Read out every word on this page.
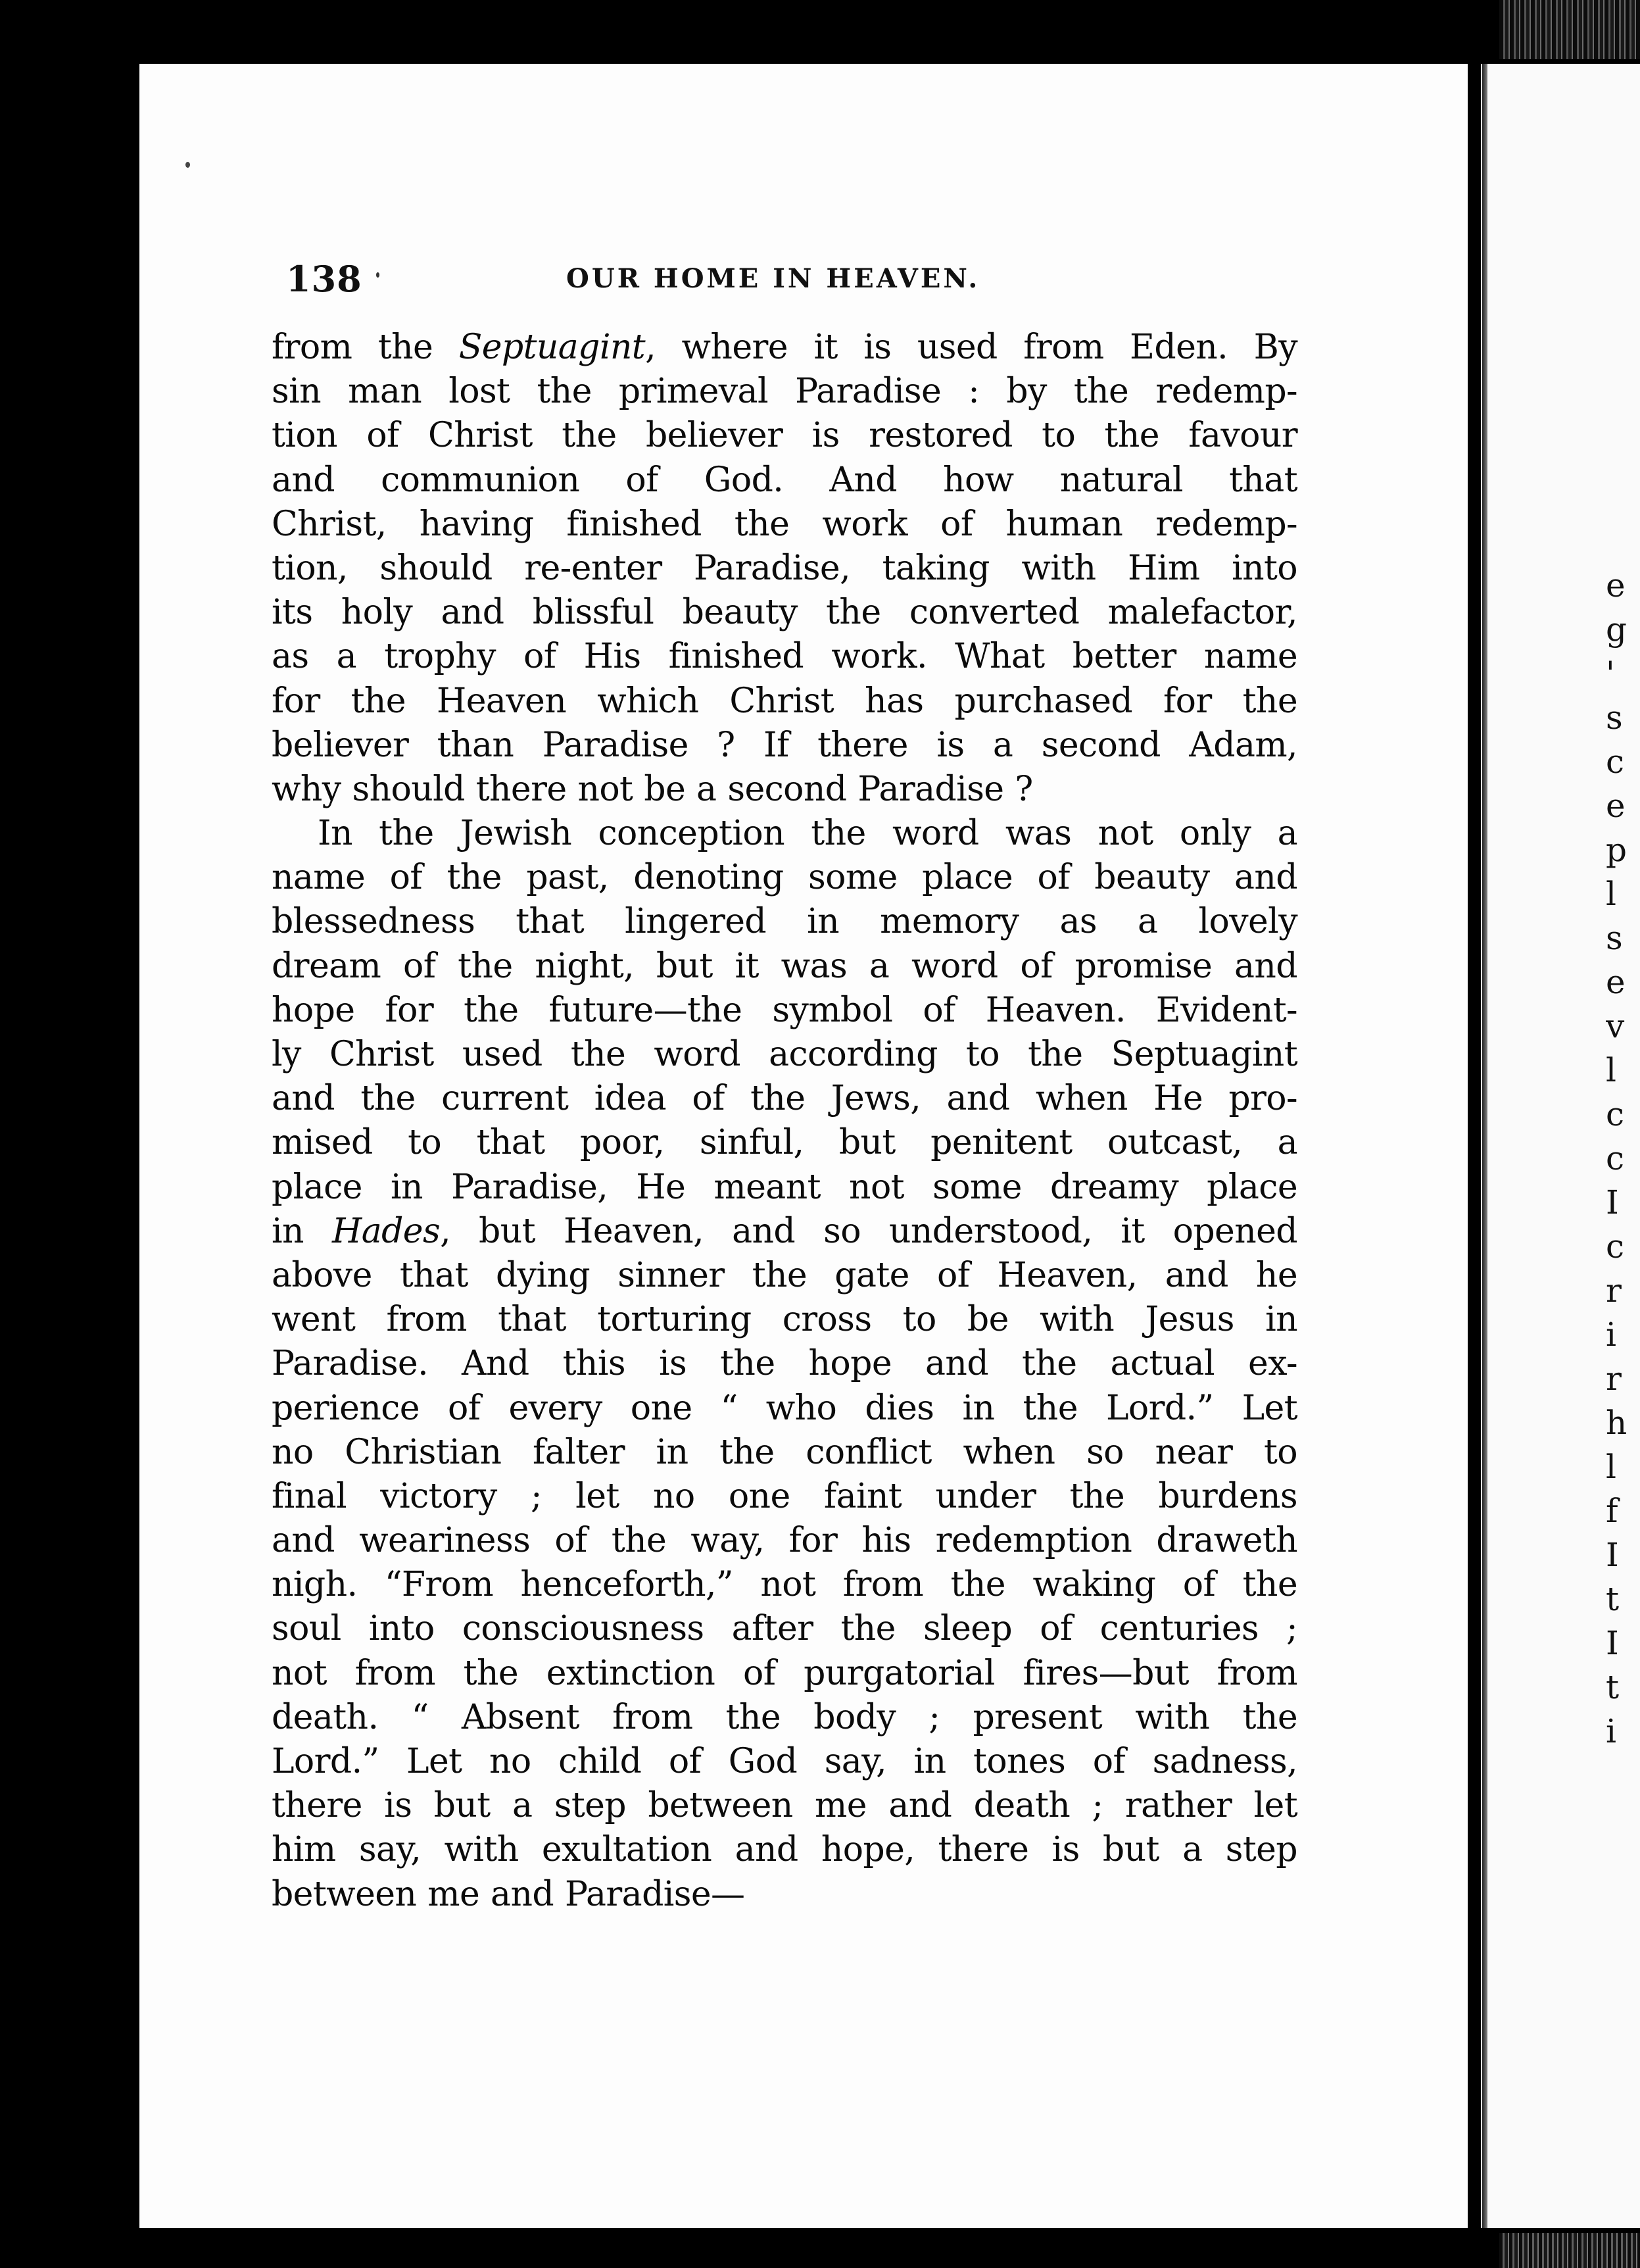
e
g
'
s
c
e
p
l
s
e
v
l
c
c
I
c
r
i
r
h
l
f
I
t
I
t
i
138	OUR HOME IN HEAVEN.
from the Septuagint, where it is used from Eden. By
sin man lost the primeval Paradise : by the redemp-
tion of Christ the believer is restored to the favour
and communion of God. And how natural that
Christ, having finished the work of human redemp-
tion, should re-enter Paradise, taking with Him into
its holy and blissful beauty the converted malefactor,
as a trophy of His finished work. What better name
for the Heaven which Christ has purchased for the
believer than Paradise ? If there is a second Adam,
why should there not be a second Paradise ?
In the Jewish conception the word was not only a
name of the past, denoting some place of beauty and
blessedness that lingered in memory as a lovely
dream of the night, but it was a word of promise and
hope for the future—the symbol of Heaven. Evident-
ly Christ used the word according to the Septuagint
and the current idea of the Jews, and when He pro-
mised to that poor, sinful, but penitent outcast, a
place in Paradise, He meant not some dreamy place
in Hades, but Heaven, and so understood, it opened
above that dying sinner the gate of Heaven, and he
went from that torturing cross to be with Jesus in
Paradise. And this is the hope and the actual ex-
perience of every one “ who dies in the Lord.” Let
no Christian falter in the conflict when so near to
final victory ; let no one faint under the burdens
and weariness of the way, for his redemption draweth
nigh. “From henceforth,” not from the waking of the
soul into consciousness after the sleep of centuries ;
not from the extinction of purgatorial fires—but from
death. “ Absent from the body ; present with the
Lord.” Let no child of God say, in tones of sadness,
there is but a step between me and death ; rather let
him say, with exultation and hope, there is but a step
between me and Paradise—
